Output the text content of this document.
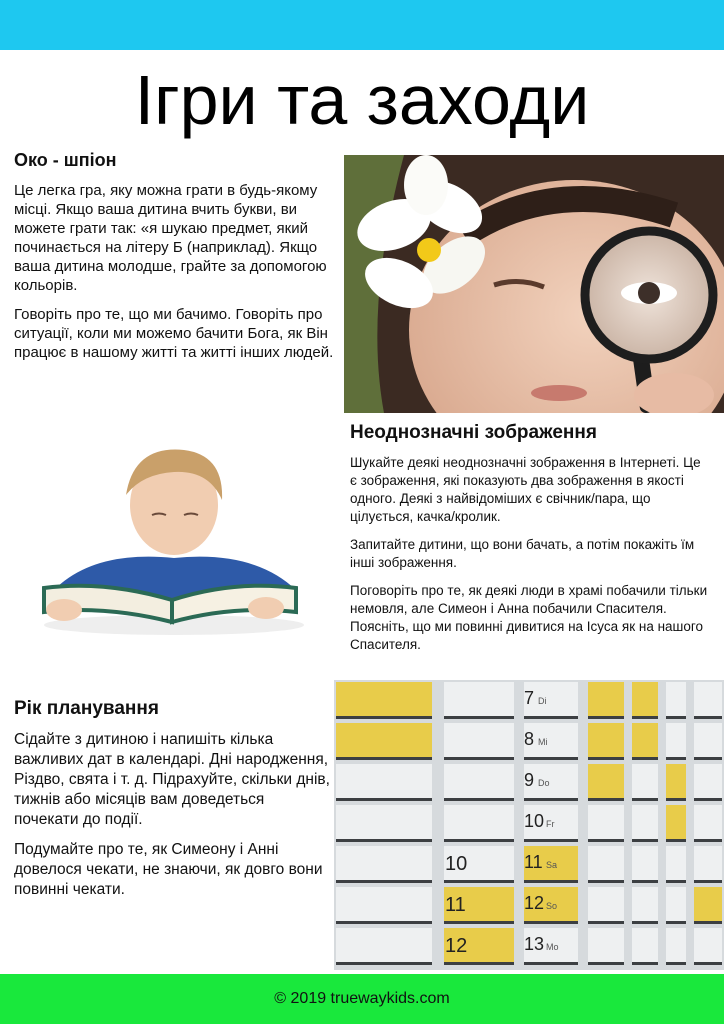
Ігри та заходи
Око - шпіон

Це легка гра, яку можна грати в будь-якому місці. Якщо ваша дитина вчить букви, ви можете грати так: «я шукаю предмет, який починається на літеру Б (наприклад). Якщо ваша дитина молодше, грайте за допомогою кольорів.

Говоріть про те, що ми бачимо. Говоріть про ситуації, коли ми можемо бачити Бога, як Він працює в нашому житті та житті інших людей.

Неоднозначні зображення

Шукайте деякі неоднозначні зображення в Інтернеті. Це є зображення, які показують два зображення в якості одного. Деякі з найвідоміших є свічник/пара, що цілується, качка/кролик.

Запитайте дитини, що вони бачать, а потім покажіть їм інші зображення.

Поговоріть про те, як деякі люди в храмі побачили тільки немовля, але Симеон і Анна побачили Спасителя. Поясніть, що ми повинні дивитися на Ісуса як на нашого Спасителя.

Рік планування

Сідайте з дитиною і напишіть кілька важливих дат в календарі. Дні народження, Різдво, свята і т. д. Підрахуйте, скільки днів, тижнів або місяців вам доведеться почекати до події.

Подумайте про те, як Симеону і Анні довелося чекати, не знаючи, як довго вони повинні чекати.

7 Di
8 Mi
9 Do
10 Fr
11 Sa
12 So
13 Mo
10
11
12
© 2019 truewaykids.com
